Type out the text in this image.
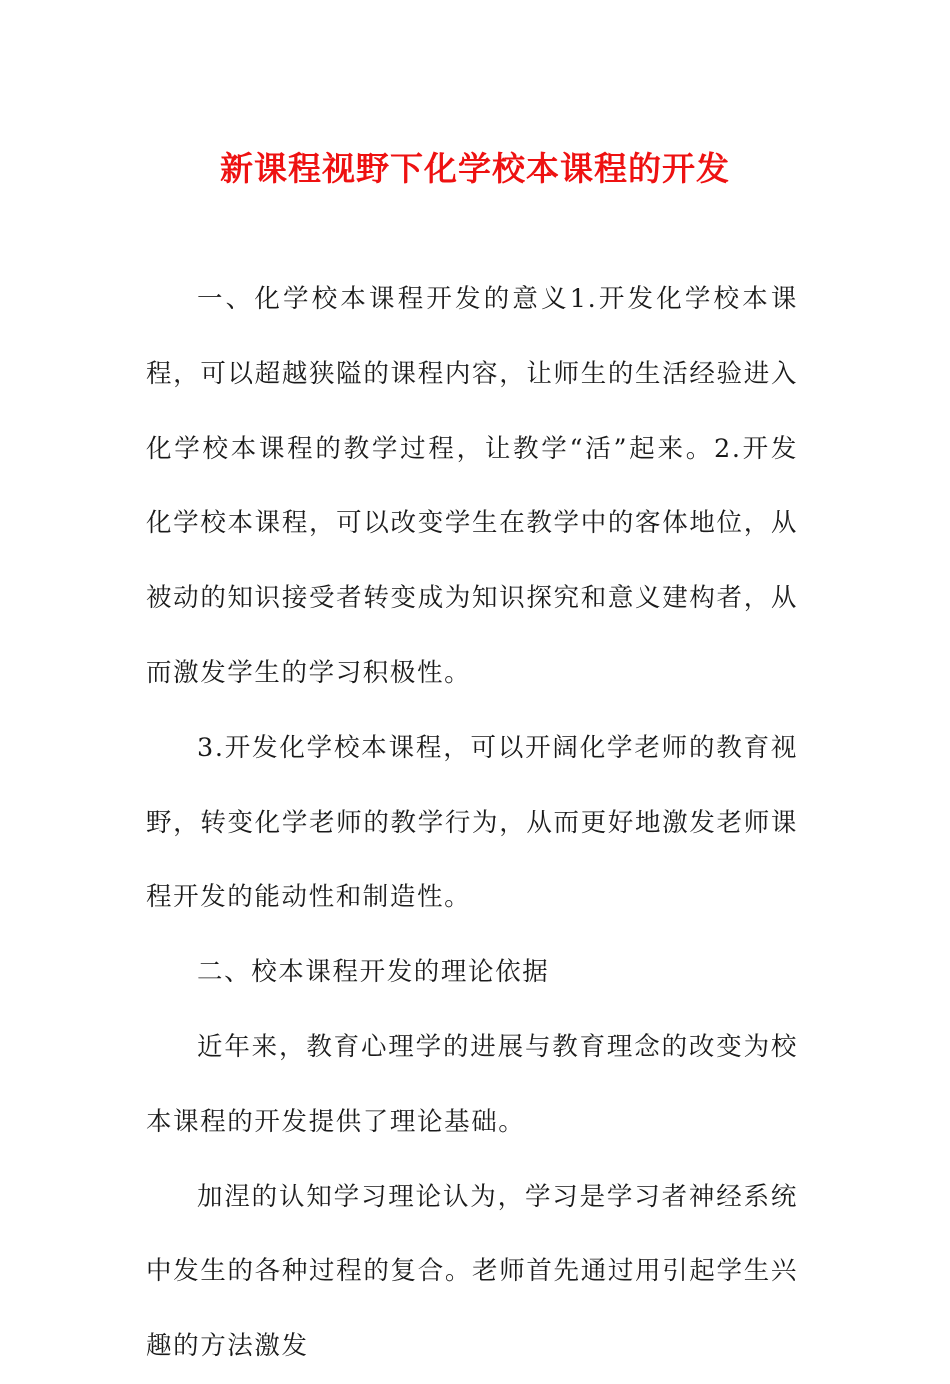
新课程视野下化学校本课程的开发

一、化学校本课程开发的意义1.开发化学校本课程，可以超越狭隘的课程内容，让师生的生活经验进入化学校本课程的教学过程，让教学“活”起来。2.开发化学校本课程，可以改变学生在教学中的客体地位，从被动的知识接受者转变成为知识探究和意义建构者，从而激发学生的学习积极性。

3.开发化学校本课程，可以开阔化学老师的教育视野，转变化学老师的教学行为，从而更好地激发老师课程开发的能动性和制造性。

二、校本课程开发的理论依据

近年来，教育心理学的进展与教育理念的改变为校本课程的开发提供了理论基础。

加涅的认知学习理论认为，学习是学习者神经系统中发生的各种过程的复合。老师首先通过用引起学生兴趣的方法激发
